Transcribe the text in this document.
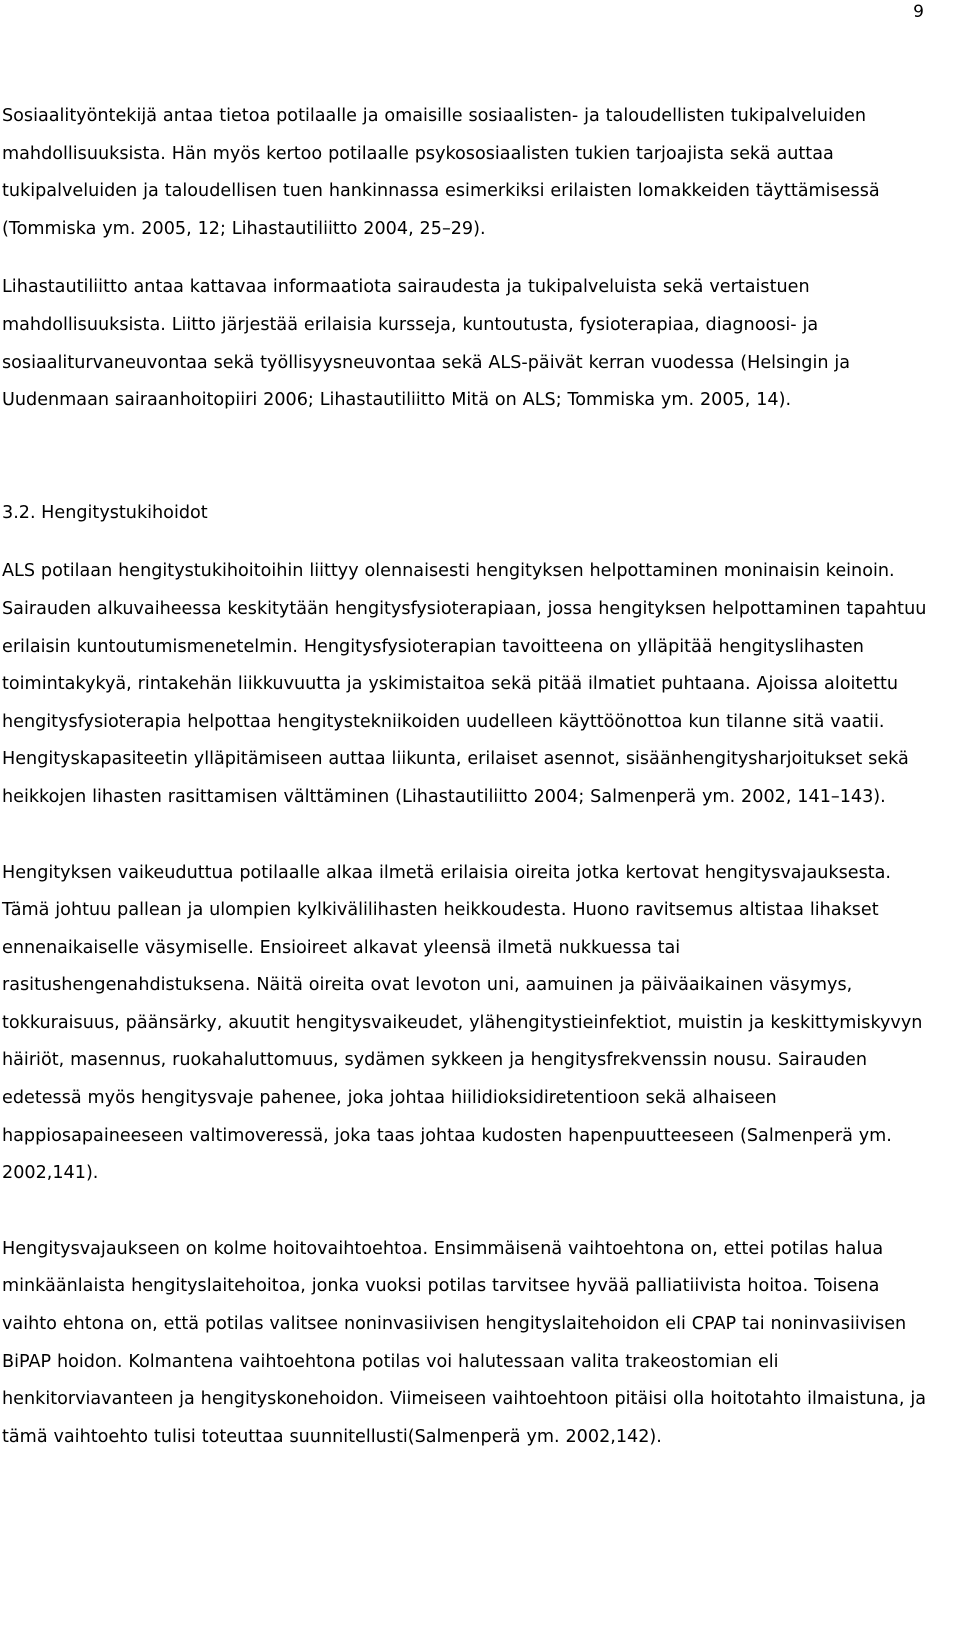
9

Sosiaalityöntekijä antaa tietoa potilaalle ja omaisille sosiaalisten- ja taloudellisten tukipalveluiden mahdollisuuksista. Hän myös kertoo potilaalle psykososiaalisten tukien tarjoajista sekä auttaa tukipalveluiden ja taloudellisen tuen hankinnassa esimerkiksi erilaisten lomakkeiden täyttämisessä (Tommiska ym. 2005, 12; Lihastautiliitto 2004, 25–29).

Lihastautiliitto antaa kattavaa informaatiota sairaudesta ja tukipalveluista sekä vertaistuen mahdollisuuksista. Liitto järjestää erilaisia kursseja, kuntoutusta, fysioterapiaa, diagnoosi- ja sosiaaliturvaneuvontaa sekä työllisyysneuvontaa sekä ALS-päivät kerran vuodessa (Helsingin ja Uudenmaan sairaanhoitopiiri 2006; Lihastautiliitto Mitä on ALS; Tommiska ym. 2005, 14).

3.2. Hengitystukihoidot

ALS potilaan hengitystukihoitoihin liittyy olennaisesti hengityksen helpottaminen moninaisin keinoin. Sairauden alkuvaiheessa keskitytään hengitysfysioterapiaan, jossa hengityksen helpottaminen tapahtuu erilaisin kuntoutumismenetelmin. Hengitysfysioterapian tavoitteena on ylläpitää hengityslihasten toimintakykyä, rintakehän liikkuvuutta ja yskimistaitoa sekä pitää ilmatiet puhtaana. Ajoissa aloitettu hengitysfysioterapia helpottaa hengitystekniikoiden uudelleen käyttöönottoa kun tilanne sitä vaatii. Hengityskapasiteetin ylläpitämiseen auttaa liikunta, erilaiset asennot, sisäänhengitysharjoitukset sekä heikkojen lihasten rasittamisen välttäminen (Lihastautiliitto 2004; Salmenperä ym. 2002, 141–143).

Hengityksen vaikeuduttua potilaalle alkaa ilmetä erilaisia oireita jotka kertovat hengitysvajauksesta. Tämä johtuu pallean ja ulompien kylkivälilihasten heikkoudesta. Huono ravitsemus altistaa lihakset ennenaikaiselle väsymiselle. Ensioireet alkavat yleensä ilmetä nukkuessa tai rasitushengenahdistuksena. Näitä oireita ovat levoton uni, aamuinen ja päiväaikainen väsymys, tokkuraisuus, päänsärky, akuutit hengitysvaikeudet, ylähengitystieinfektiot, muistin ja keskittymiskyvyn häiriöt, masennus, ruokahaluttomuus, sydämen sykkeen ja hengitysfrekvenssin nousu. Sairauden edetessä myös hengitysvaje pahenee, joka johtaa hiilidioksidiretentioon sekä alhaiseen happiosapaineeseen valtimoveressä, joka taas johtaa kudosten hapenpuutteeseen (Salmenperä ym. 2002,141).

Hengitysvajaukseen on kolme hoitovaihtoehtoa. Ensimmäisenä vaihtoehtona on, ettei potilas halua minkäänlaista hengityslaitehoitoa, jonka vuoksi potilas tarvitsee hyvää palliatiivista hoitoa. Toisena vaihto ehtona on, että potilas valitsee noninvasiivisen hengityslaitehoidon eli CPAP tai noninvasiivisen BiPAP hoidon. Kolmantena vaihtoehtona potilas voi halutessaan valita trakeostomian eli henkitorviavanteen ja hengityskonehoidon. Viimeiseen vaihtoehtoon pitäisi olla hoitotahto ilmaistuna, ja tämä vaihtoehto tulisi toteuttaa suunnitellusti(Salmenperä ym. 2002,142).
